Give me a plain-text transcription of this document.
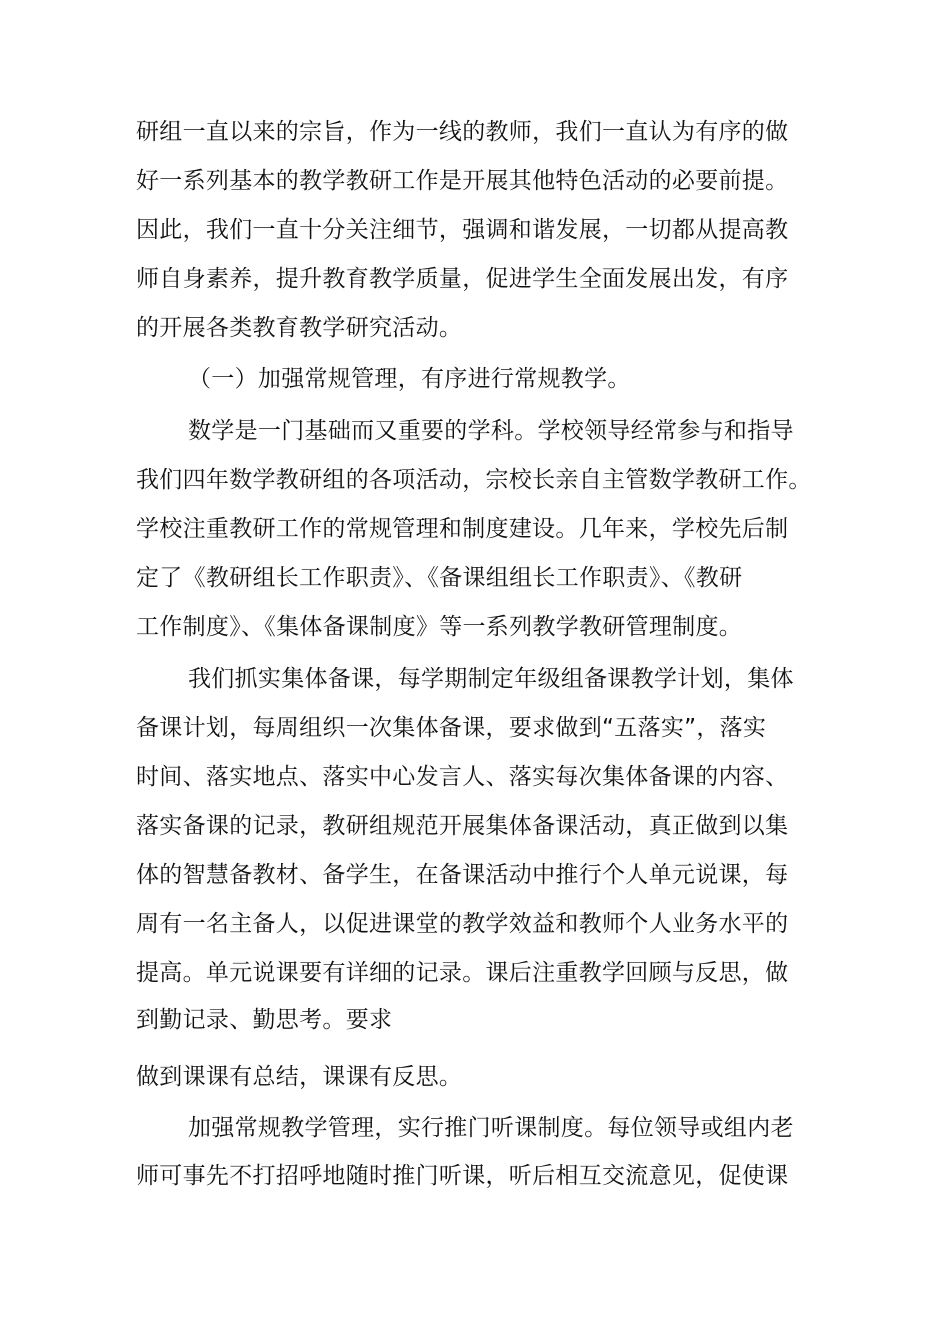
研组一直以来的宗旨，作为一线的教师，我们一直认为有序的做
好一系列基本的教学教研工作是开展其他特色活动的必要前提。
因此，我们一直十分关注细节，强调和谐发展，一切都从提高教
师自身素养，提升教育教学质量，促进学生全面发展出发，有序
的开展各类教育教学研究活动。
（一）加强常规管理，有序进行常规教学。
数学是一门基础而又重要的学科。学校领导经常参与和指导
我们四年数学教研组的各项活动，宗校长亲自主管数学教研工作。
学校注重教研工作的常规管理和制度建设。几年来，学校先后制
定了《教研组长工作职责》、《备课组组长工作职责》、《教研
工作制度》、《集体备课制度》等一系列教学教研管理制度。
我们抓实集体备课，每学期制定年级组备课教学计划，集体
备课计划，每周组织一次集体备课，要求做到“五落实”，落实
时间、落实地点、落实中心发言人、落实每次集体备课的内容、
落实备课的记录，教研组规范开展集体备课活动，真正做到以集
体的智慧备教材、备学生，在备课活动中推行个人单元说课，每
周有一名主备人，以促进课堂的教学效益和教师个人业务水平的
提高。单元说课要有详细的记录。课后注重教学回顾与反思，做
到勤记录、勤思考。要求
做到课课有总结，课课有反思。
加强常规教学管理，实行推门听课制度。每位领导或组内老
师可事先不打招呼地随时推门听课，听后相互交流意见，促使课
